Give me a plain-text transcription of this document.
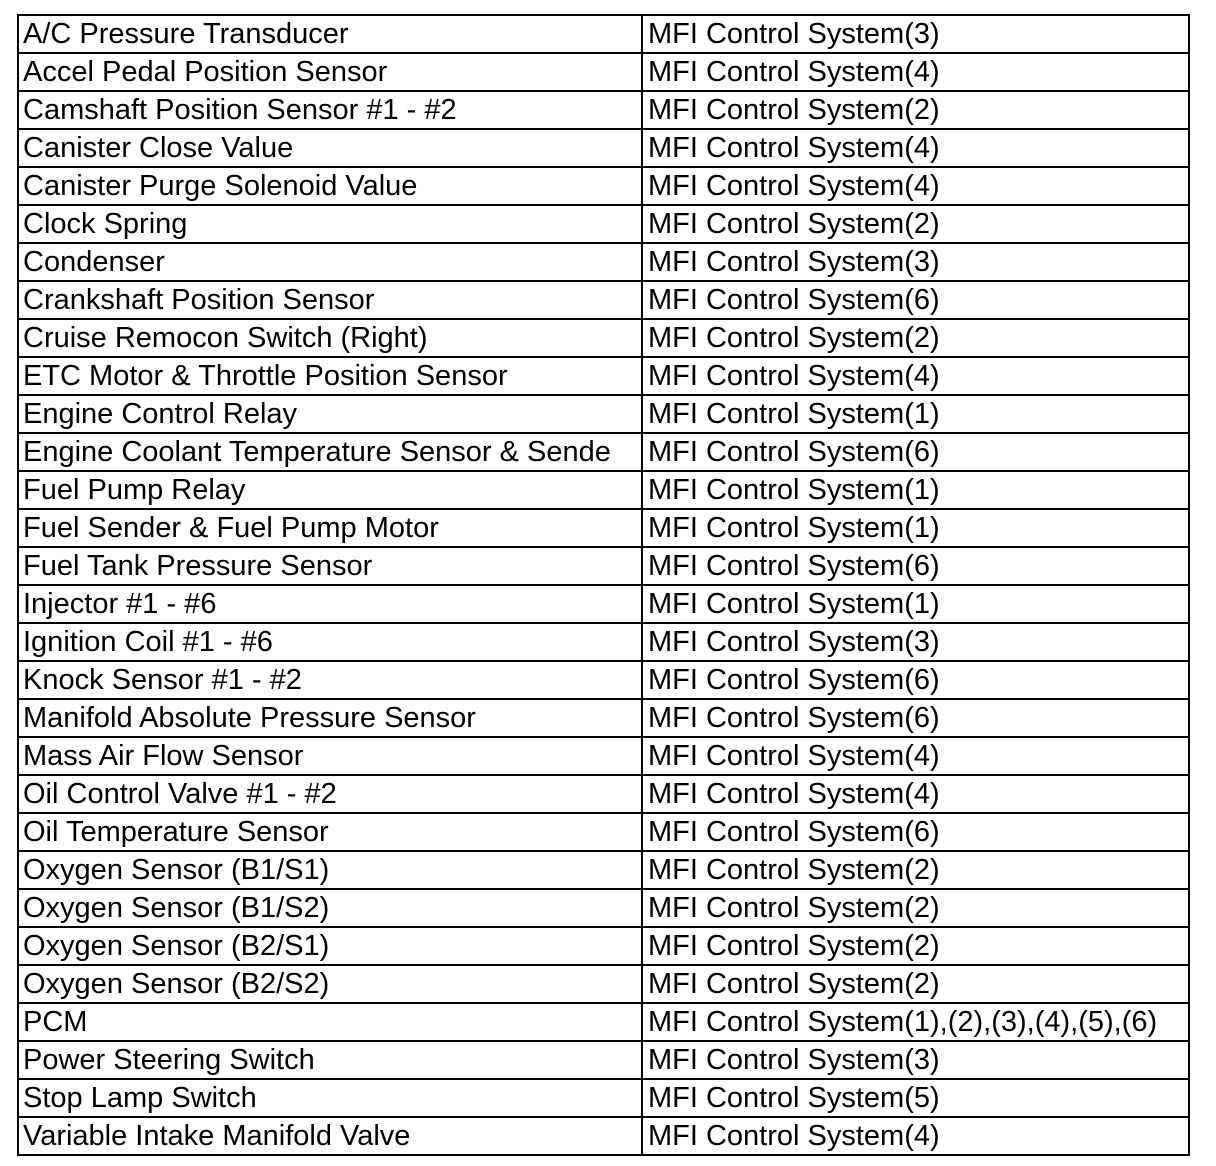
A/C Pressure Transducer	MFI Control System(3)
Accel Pedal Position Sensor	MFI Control System(4)
Camshaft Position Sensor #1 - #2	MFI Control System(2)
Canister Close Value	MFI Control System(4)
Canister Purge Solenoid Value	MFI Control System(4)
Clock Spring	MFI Control System(2)
Condenser	MFI Control System(3)
Crankshaft Position Sensor	MFI Control System(6)
Cruise Remocon Switch (Right)	MFI Control System(2)
ETC Motor & Throttle Position Sensor	MFI Control System(4)
Engine Control Relay	MFI Control System(1)
Engine Coolant Temperature Sensor & Sende	MFI Control System(6)
Fuel Pump Relay	MFI Control System(1)
Fuel Sender & Fuel Pump Motor	MFI Control System(1)
Fuel Tank Pressure Sensor	MFI Control System(6)
Injector #1 - #6	MFI Control System(1)
Ignition Coil #1 - #6	MFI Control System(3)
Knock Sensor #1 - #2	MFI Control System(6)
Manifold Absolute Pressure Sensor	MFI Control System(6)
Mass Air Flow Sensor	MFI Control System(4)
Oil Control Valve #1 - #2	MFI Control System(4)
Oil Temperature Sensor	MFI Control System(6)
Oxygen Sensor (B1/S1)	MFI Control System(2)
Oxygen Sensor (B1/S2)	MFI Control System(2)
Oxygen Sensor (B2/S1)	MFI Control System(2)
Oxygen Sensor (B2/S2)	MFI Control System(2)
PCM	MFI Control System(1),(2),(3),(4),(5),(6)
Power Steering Switch	MFI Control System(3)
Stop Lamp Switch	MFI Control System(5)
Variable Intake Manifold Valve	MFI Control System(4)
